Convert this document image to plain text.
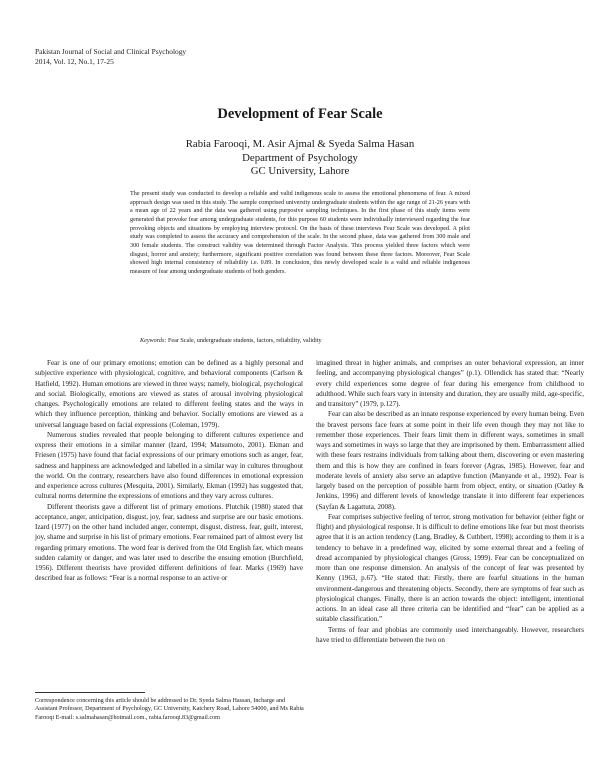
Pakistan Journal of Social and Clinical Psychology
2014, Vol. 12, No.1, 17-25
Development of Fear Scale
Rabia Farooqi, M. Asir Ajmal & Syeda Salma Hasan
Department of Psychology
GC University, Lahore
The present study was conducted to develop a reliable and valid indigenous scale to assess the emotional phenomena of fear. A mixed approach design was used in this study. The sample comprised university undergraduate students within the age range of 21-26 years with a mean age of 22 years and the data was gathered using purposive sampling techniques. In the first phase of this study items were generated that provoke fear among undergraduate students, for this purpose 60 students were individually interviewed regarding the fear provoking objects and situations by employing interview protocol. On the basis of these interviews Fear Scale was developed. A pilot study was completed to assess the accuracy and comprehension of the scale. In the second phase, data was gathered from 300 male and 300 female students. The construct validity was determined through Factor Analysis. This process yielded three factors which were disgust, horror and anxiety; furthermore, significant positive correlation was found between these three factors. Moreover, Fear Scale showed high internal consistency of reliability i.e. 0.89. In conclusion, this newly developed scale is a valid and reliable indigenous measure of fear among undergraduate students of both genders.
Keywords: Fear Scale, undergraduate students, factors, reliability, validity

Fear is one of our primary emotions; emotion can be defined as a highly personal and subjective experience with physiological, cognitive, and behavioral components (Carlson & Hatfield, 1992). Human emotions are viewed in three ways; namely, biological, psychological and social. Biologically, emotions are viewed as states of arousal involving physiological changes. Psychologically emotions are related to different feeling states and the ways in which they influence perception, thinking and behavior. Socially emotions are viewed as a universal language based on facial expressions (Coleman, 1979).

Numerous studies revealed that people belonging to different cultures experience and express their emotions in a similar manner (Izard, 1994; Matsumoto, 2001). Ekman and Friesen (1975) have found that facial expressions of our primary emotions such as anger, fear, sadness and happiness are acknowledged and labelled in a similar way in cultures throughout the world. On the contrary, researchers have also found differences in emotional expression and experience across cultures (Mesquita, 2001). Similarly, Ekman (1992) has suggested that, cultural norms determine the expressions of emotions and they vary across cultures.

Different theorists gave a different list of primary emotions. Plutchik (1980) stated that acceptance, anger, anticipation, disgust, joy, fear, sadness and surprise are our basic emotions. Izard (1977) on the other hand included anger, contempt, disgust, distress, fear, guilt, interest, joy, shame and surprise in his list of primary emotions. Fear remained part of almost every list regarding primary emotions. The word fear is derived from the Old English fær, which means sudden calamity or danger, and was later used to describe the ensuing emotion (Burchfield, 1956). Different theorists have provided different definitions of fear. Marks (1969) have described fear as follows: “Fear is a normal response to an active or

imagined threat in higher animals, and comprises an outer behavioral expression, an inner feeling, and accompanying physiological changes” (p.1). Ollendick has stated that: “Nearly every child experiences some degree of fear during his emergence from childhood to adulthood. While such fears vary in intensity and duration, they are usually mild, age-specific, and transitory” (1979, p.127).

Fear can also be described as an innate response experienced by every human being. Even the bravest persons face fears at some point in their life even though they may not like to remember those experiences. Their fears limit them in different ways, sometimes in small ways and sometimes in ways so large that they are imprisoned by them. Embarrassment allied with these fears restrains individuals from talking about them, discovering or even mastering them and this is how they are confined in fears forever (Agras, 1985). However, fear and moderate levels of anxiety also serve an adaptive function (Manyande et al., 1992). Fear is largely based on the perception of possible harm from object, entity, or situation (Oatley & Jenkins, 1996) and different levels of knowledge translate it into different fear experiences (Sayfan & Lagattuta, 2008).

Fear comprises subjective feeling of terror, strong motivation for behavior (either fight or flight) and physiological response. It is difficult to define emotions like fear but most theorists agree that it is an action tendency (Lang, Bradley, & Cuthbert, 1998); according to them it is a tendency to behave in a predefined way, elicited by some external threat and a feeling of dread accompanied by physiological changes (Gross, 1999). Fear can be conceptualized on more than one response dimension. An analysis of the concept of fear was presented by Kenny (1963, p.67). “He stated that: Firstly, there are fearful situations in the human environment-dangerous and threatening objects. Secondly, there are symptoms of fear such as physiological changes. Finally, there is an action towards the object: intelligent, intentional actions. In an ideal case all three criteria can be identified and “fear” can be applied as a suitable classification.”

Terms of fear and phobias are commonly used interchangeably. However, researchers have tried to differentiate between the two on

Correspondence concerning this article should be addressed to Dr. Syeda Salma Hassan, Incharge and Assistant Professor, Department of Psychology, GC University, Katchery Road, Lahore 54000, and Ms Rabia Farooqi E-mail: s.salmahasan@hotmail.com., rabia.farooqi.83@gmail.com
